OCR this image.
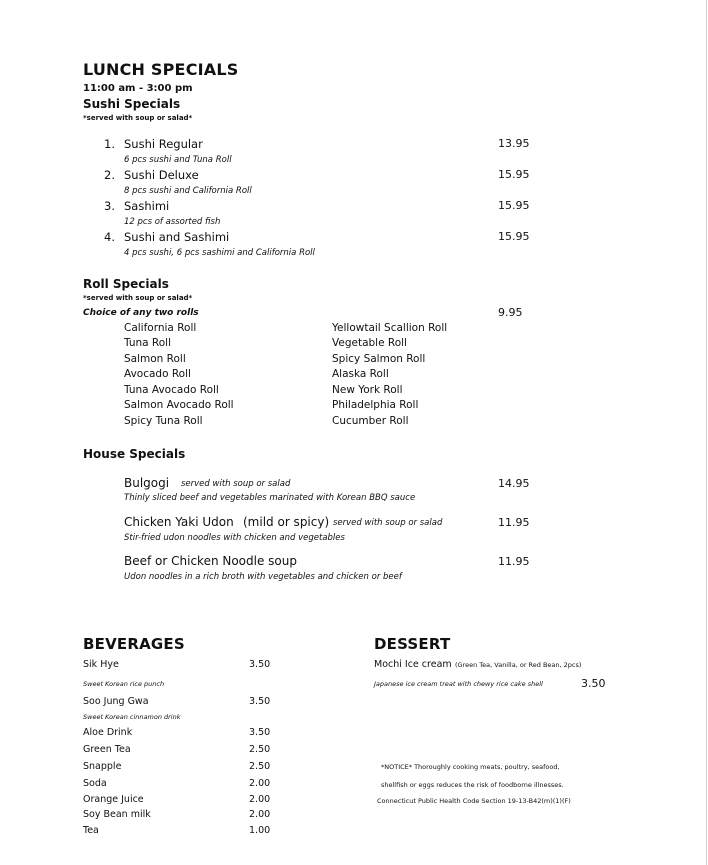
LUNCH SPECIALS
11:00 am - 3:00 pm
Sushi Specials
*served with soup or salad*
1. Sushi Regular
6 pcs sushi and Tuna Roll
13.95
2. Sushi Deluxe
8 pcs sushi and California Roll
15.95
3. Sashimi
12 pcs of assorted fish
15.95
4. Sushi and Sashimi
4 pcs sushi, 6 pcs sashimi and California Roll
15.95
Roll Specials
*served with soup or salad*
Choice of any two rolls	9.95
California Roll
Tuna Roll
Salmon Roll
Avocado Roll
Tuna Avocado Roll
Salmon Avocado Roll
Spicy Tuna Roll
Yellowtail Scallion Roll
Vegetable Roll
Spicy Salmon Roll
Alaska Roll
New York Roll
Philadelphia Roll
Cucumber Roll
House Specials
Bulgogi served with soup or salad
Thinly sliced beef and vegetables marinated with Korean BBQ sauce
14.95
Chicken Yaki Udon (mild or spicy) served with soup or salad
Stir-fried udon noodles with chicken and vegetables
11.95
Beef or Chicken Noodle soup
Udon noodles in a rich broth with vegetables and chicken or beef
11.95
BEVERAGES
Sik Hye	3.50
Sweet Korean rice punch
Soo Jung Gwa	3.50
Sweet Korean cinnamon drink
Aloe Drink	3.50
Green Tea	2.50
Snapple	2.50
Soda	2.00
Orange Juice	2.00
Soy Bean milk	2.00
Tea	1.00
DESSERT
Mochi Ice cream (Green Tea, Vanilla, or Red Bean, 2pcs)
Japanese ice cream treat with chewy rice cake shell	3.50
*NOTICE* Thoroughly cooking meats, poultry, seafood,
shellfish or eggs reduces the risk of foodborne illnesses.
Connecticut Public Health Code Section 19-13-B42(m)(1)(F)
